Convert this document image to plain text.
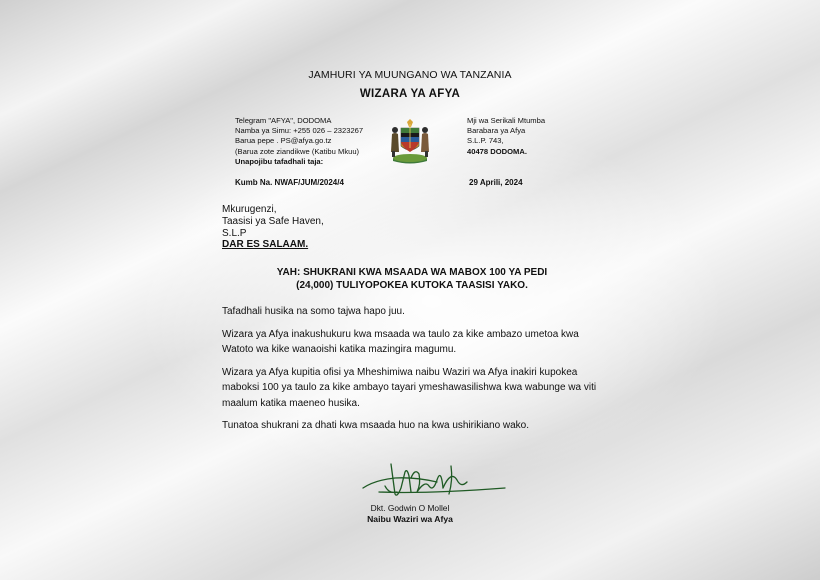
JAMHURI YA MUUNGANO WA TANZANIA
WIZARA YA AFYA
Telegram "AFYA", DODOMA
Namba ya Simu: +255 026 – 2323267
Barua pepe . PS@afya.go.tz
(Barua zote ziandikwe (Katibu Mkuu)
Unapojibu tafadhali taja:
Mji wa Serikali Mtumba
Barabara ya Afya
S.L.P. 743,
40478 DODOMA.
Kumb Na. NWAF/JUM/2024/4	29 Aprili, 2024
Mkurugenzi,
Taasisi ya Safe Haven,
S.L.P
DAR ES SALAAM.
YAH: SHUKRANI KWA MSAADA WA MABOX 100 YA PEDI
(24,000) TULIYOPOKEA KUTOKA TAASISI YAKO.
Tafadhali husika na somo tajwa hapo juu.
Wizara ya Afya inakushukuru kwa msaada wa taulo za kike ambazo umetoa kwa Watoto wa kike wanaoishi katika mazingira magumu.
Wizara ya Afya kupitia ofisi ya Mheshimiwa naibu Waziri wa Afya inakiri kupokea maboksi 100 ya taulo za kike ambayo tayari ymeshawasilishwa kwa wabunge wa viti maalum katika maeneo husika.
Tunatoa shukrani za dhati kwa msaada huo na kwa ushirikiano wako.
Dkt. Godwin O Mollel
Naibu Waziri wa Afya
